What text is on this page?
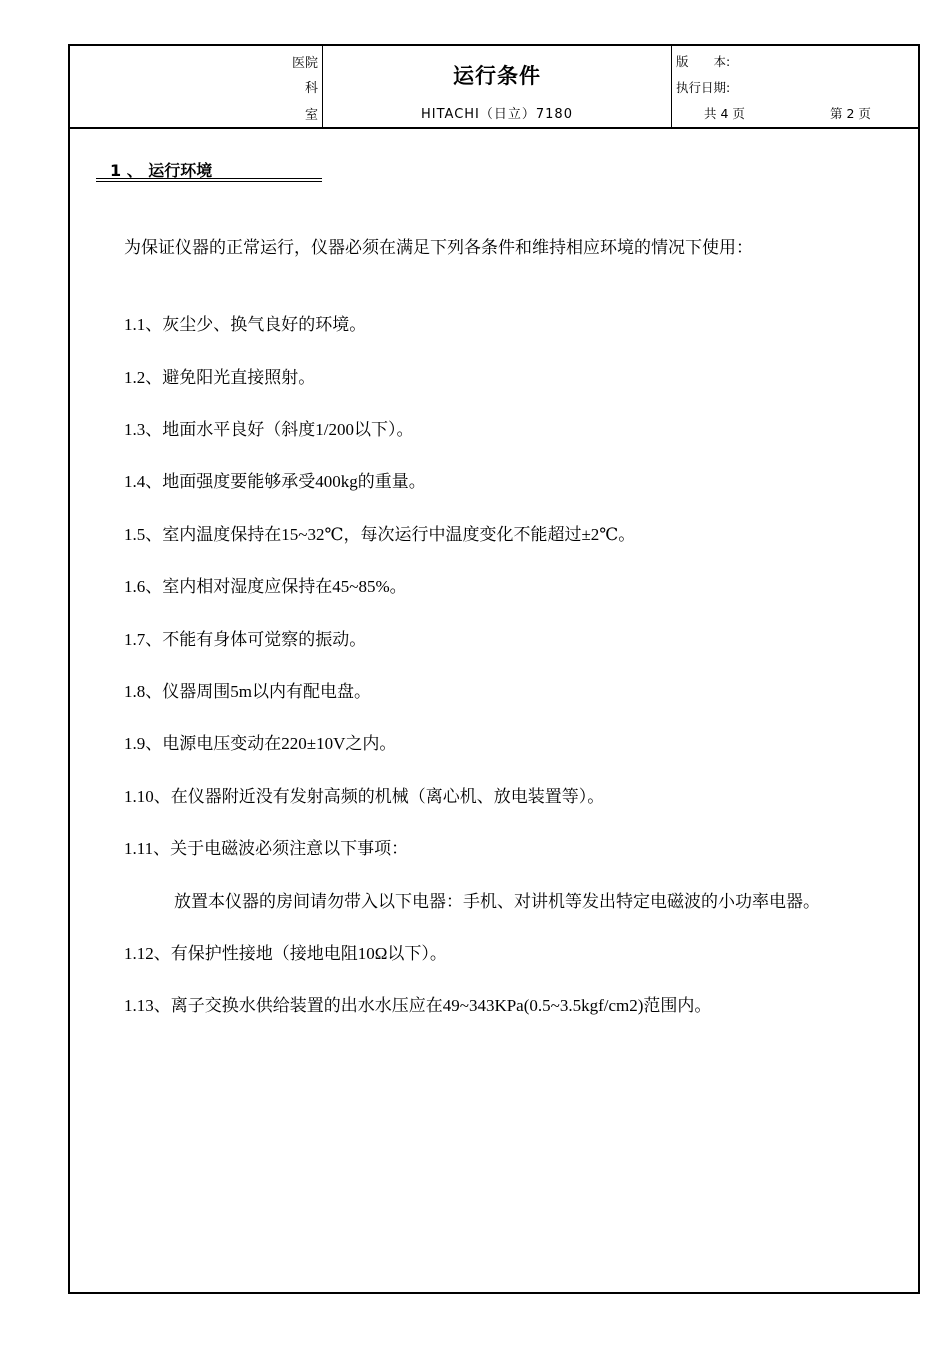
医院
科
室
运行条件
HITACHI（日立）7180
版　　本:
执行日期:
共 4 页	第 2 页
1 、 运行环境
为保证仪器的正常运行，仪器必须在满足下列各条件和维持相应环境的情况下使用：
1.1、灰尘少、换气良好的环境。
1.2、避免阳光直接照射。
1.3、地面水平良好（斜度1/200以下）。
1.4、地面强度要能够承受400kg的重量。
1.5、室内温度保持在15~32℃，每次运行中温度变化不能超过±2℃。
1.6、室内相对湿度应保持在45~85%。
1.7、不能有身体可觉察的振动。
1.8、仪器周围5m以内有配电盘。
1.9、电源电压变动在220±10V之内。
1.10、在仪器附近没有发射高频的机械（离心机、放电装置等）。
1.11、关于电磁波必须注意以下事项：
放置本仪器的房间请勿带入以下电器：手机、对讲机等发出特定电磁波的小功率电器。
1.12、有保护性接地（接地电阻10Ω以下）。
1.13、离子交换水供给装置的出水水压应在49~343KPa(0.5~3.5kgf/cm2)范围内。
